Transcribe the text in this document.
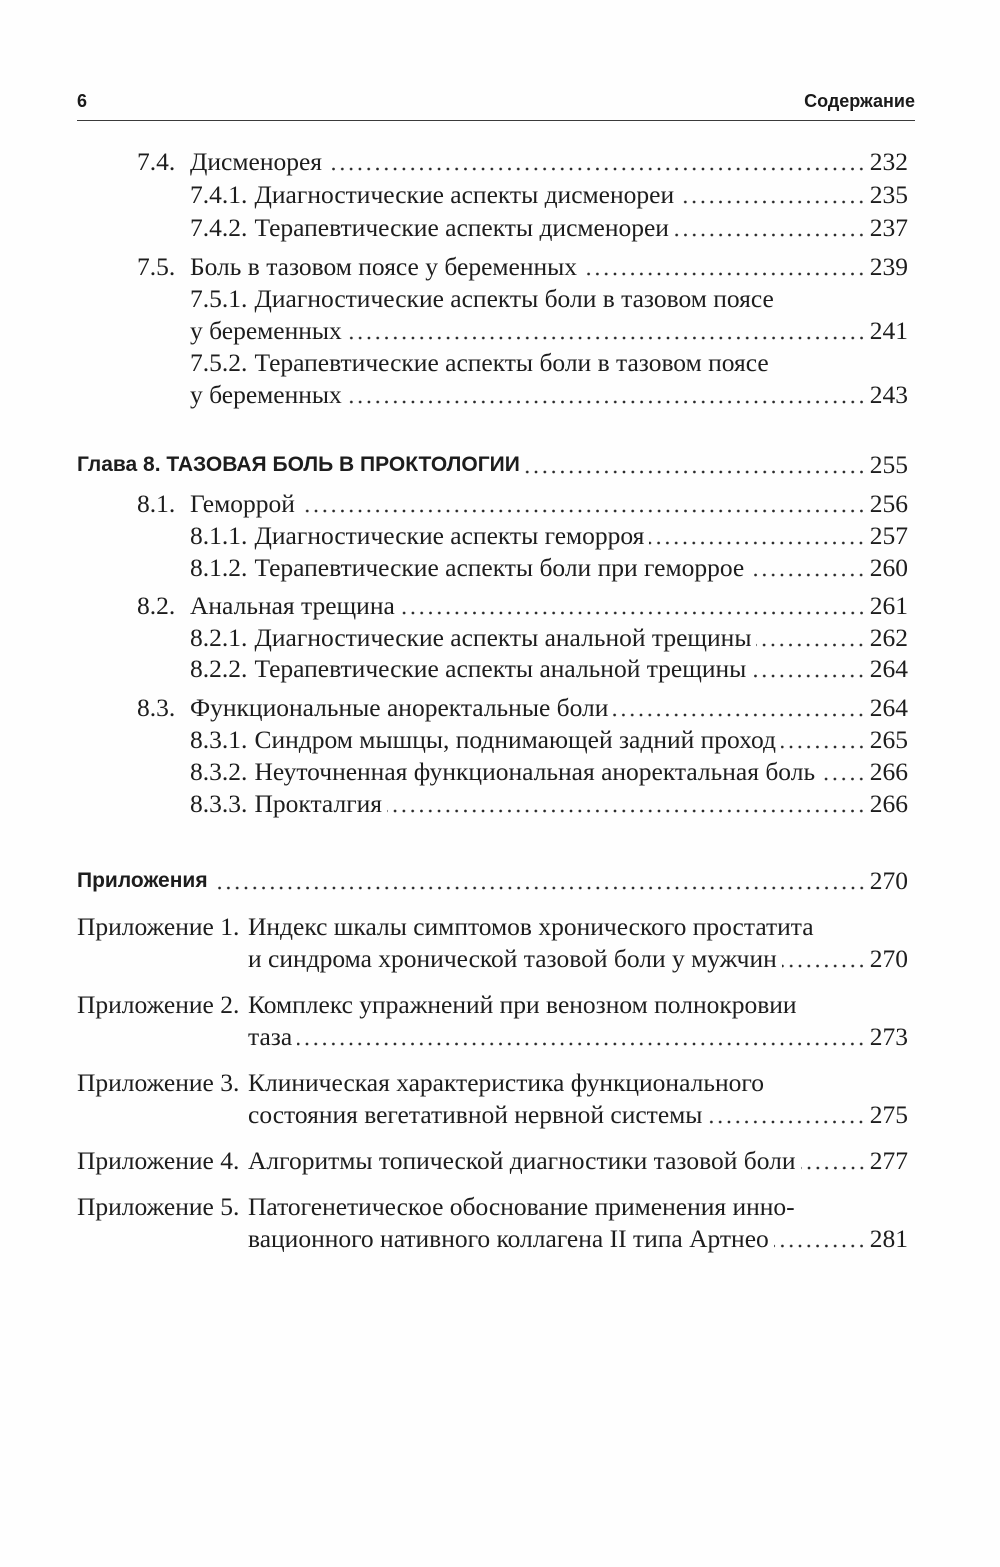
6	Содержание
7.4. Дисменорея	232
7.4.1. Диагностические аспекты дисменореи	235
7.4.2. Терапевтические аспекты дисменореи	237
7.5. Боль в тазовом поясе у беременных	239
7.5.1. Диагностические аспекты боли в тазовом поясе
у беременных	241
7.5.2. Терапевтические аспекты боли в тазовом поясе
у беременных	243
Глава 8. ТАЗОВАЯ БОЛЬ В ПРОКТОЛОГИИ	255
8.1. Геморрой	256
8.1.1. Диагностические аспекты геморроя	257
8.1.2. Терапевтические аспекты боли при геморрое	260
8.2. Анальная трещина	261
8.2.1. Диагностические аспекты анальной трещины	262
8.2.2. Терапевтические аспекты анальной трещины	264
8.3. Функциональные аноректальные боли	264
8.3.1. Синдром мышцы, поднимающей задний проход	265
8.3.2. Неуточненная функциональная аноректальная боль 266
8.3.3. Прокталгия	266
Приложения	270
Приложение 1. Индекс шкалы симптомов хронического простатита
и синдрома хронической тазовой боли у мужчин	270
Приложение 2. Комплекс упражнений при венозном полнокровии
таза	273
Приложение 3. Клиническая характеристика функционального
состояния вегетативной нервной системы	275
Приложение 4. Алгоритмы топической диагностики тазовой боли	277
Приложение 5. Патогенетическое обоснование применения инно-
вационного нативного коллагена II типа Артнео	281
